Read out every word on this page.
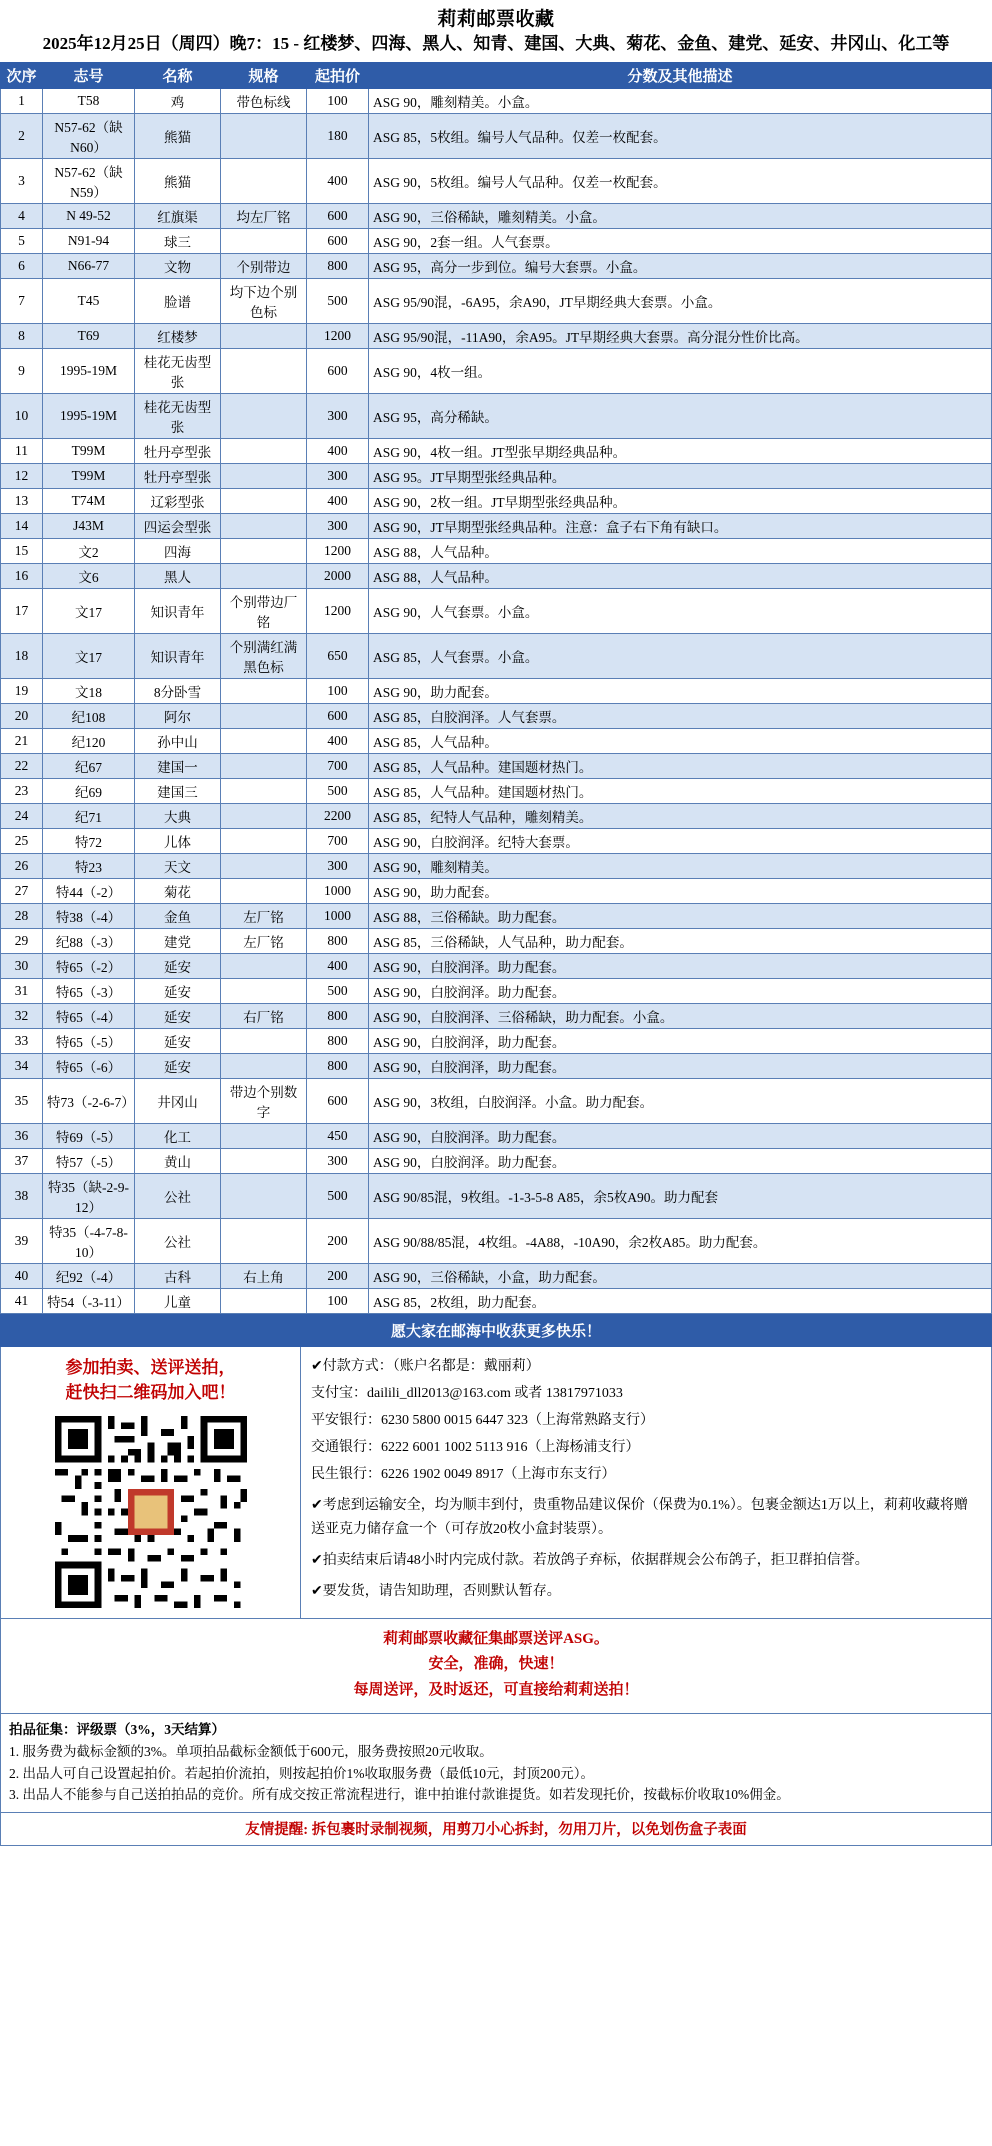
莉莉邮票收藏
2025年12月25日（周四）晚7：15 - 红楼梦、四海、黑人、知青、建国、大典、菊花、金鱼、建党、延安、井冈山、化工等
次序	志号	名称	规格	起拍价	分数及其他描述
1	T58	鸡	带色标线	100	ASG 90，雕刻精美。小盒。
2	N57-62（缺N60）	熊猫		180	ASG 85，5枚组。编号人气品种。仅差一枚配套。
3	N57-62（缺N59）	熊猫		400	ASG 90，5枚组。编号人气品种。仅差一枚配套。
4	N 49-52	红旗渠	均左厂铭	600	ASG 90，三俗稀缺，雕刻精美。小盒。
5	N91-94	球三		600	ASG 90，2套一组。人气套票。
6	N66-77	文物	个别带边	800	ASG 95，高分一步到位。编号大套票。小盒。
7	T45	脸谱	均下边个别色标	500	ASG 95/90混，-6A95，余A90，JT早期经典大套票。小盒。
8	T69	红楼梦		1200	ASG 95/90混，-11A90，余A95。JT早期经典大套票。高分混分性价比高。
9	1995-19M	桂花无齿型张		600	ASG 90，4枚一组。
10	1995-19M	桂花无齿型张		300	ASG 95，高分稀缺。
11	T99M	牡丹亭型张		400	ASG 90，4枚一组。JT型张早期经典品种。
12	T99M	牡丹亭型张		300	ASG 95。JT早期型张经典品种。
13	T74M	辽彩型张		400	ASG 90，2枚一组。JT早期型张经典品种。
14	J43M	四运会型张		300	ASG 90，JT早期型张经典品种。注意：盒子右下角有缺口。
15	文2	四海		1200	ASG 88，人气品种。
16	文6	黑人		2000	ASG 88，人气品种。
17	文17	知识青年	个别带边厂铭	1200	ASG 90，人气套票。小盒。
18	文17	知识青年	个别满红满黑色标	650	ASG 85，人气套票。小盒。
19	文18	8分卧雪		100	ASG 90，助力配套。
20	纪108	阿尔		600	ASG 85，白胶润泽。人气套票。
21	纪120	孙中山		400	ASG 85，人气品种。
22	纪67	建国一		700	ASG 85，人气品种。建国题材热门。
23	纪69	建国三		500	ASG 85，人气品种。建国题材热门。
24	纪71	大典		2200	ASG 85，纪特人气品种，雕刻精美。
25	特72	儿体		700	ASG 90，白胶润泽。纪特大套票。
26	特23	天文		300	ASG 90，雕刻精美。
27	特44（-2）	菊花		1000	ASG 90，助力配套。
28	特38（-4）	金鱼	左厂铭	1000	ASG 88，三俗稀缺。助力配套。
29	纪88（-3）	建党	左厂铭	800	ASG 85，三俗稀缺，人气品种，助力配套。
30	特65（-2）	延安		400	ASG 90，白胶润泽。助力配套。
31	特65（-3）	延安		500	ASG 90，白胶润泽。助力配套。
32	特65（-4）	延安	右厂铭	800	ASG 90，白胶润泽、三俗稀缺，助力配套。小盒。
33	特65（-5）	延安		800	ASG 90，白胶润泽，助力配套。
34	特65（-6）	延安		800	ASG 90，白胶润泽，助力配套。
35	特73（-2-6-7）	井冈山	带边个别数字	600	ASG 90，3枚组，白胶润泽。小盒。助力配套。
36	特69（-5）	化工		450	ASG 90，白胶润泽。助力配套。
37	特57（-5）	黄山		300	ASG 90，白胶润泽。助力配套。
38	特35（缺-2-9-12）	公社		500	ASG 90/85混，9枚组。-1-3-5-8 A85，余5枚A90。助力配套
39	特35（-4-7-8-10）	公社		200	ASG 90/88/85混，4枚组。-4A88，-10A90，余2枚A85。助力配套。
40	纪92（-4）	古科	右上角	200	ASG 90，三俗稀缺，小盒，助力配套。
41	特54（-3-11）	儿童		100	ASG 85，2枚组，助力配套。
愿大家在邮海中收获更多快乐！
参加拍卖、送评送拍，
赶快扫二维码加入吧！

✔付款方式：（账户名都是：戴丽莉）

支付宝：dailili_dll2013@163.com 或者 13817971033

平安银行：6230 5800 0015 6447 323（上海常熟路支行）

交通银行：6222 6001 1002 5113 916（上海杨浦支行）

民生银行：6226 1902 0049 8917（上海市东支行）

✔考虑到运输安全，均为顺丰到付，贵重物品建议保价（保费为0.1%）。包裹金额达1万以上，莉莉收藏将赠送亚克力储存盒一个（可存放20枚小盒封装票）。

✔拍卖结束后请48小时内完成付款。若放鸽子弃标，依据群规会公布鸽子，拒卫群拍信誉。

✔要发货，请告知助理，否则默认暂存。

莉莉邮票收藏征集邮票送评ASG。
安全，准确，快速！
每周送评，及时返还，可直接给莉莉送拍！

拍品征集：评级票（3%，3天结算）

1. 服务费为截标金额的3%。单项拍品截标金额低于600元，服务费按照20元收取。

2. 出品人可自己设置起拍价。若起拍价流拍，则按起拍价1%收取服务费（最低10元，封顶200元）。

3. 出品人不能参与自己送拍拍品的竞价。所有成交按正常流程进行，谁中拍谁付款谁提货。如若发现托价，按截标价收取10%佣金。

友情提醒: 拆包裹时录制视频，用剪刀小心拆封，勿用刀片，以免划伤盒子表面
